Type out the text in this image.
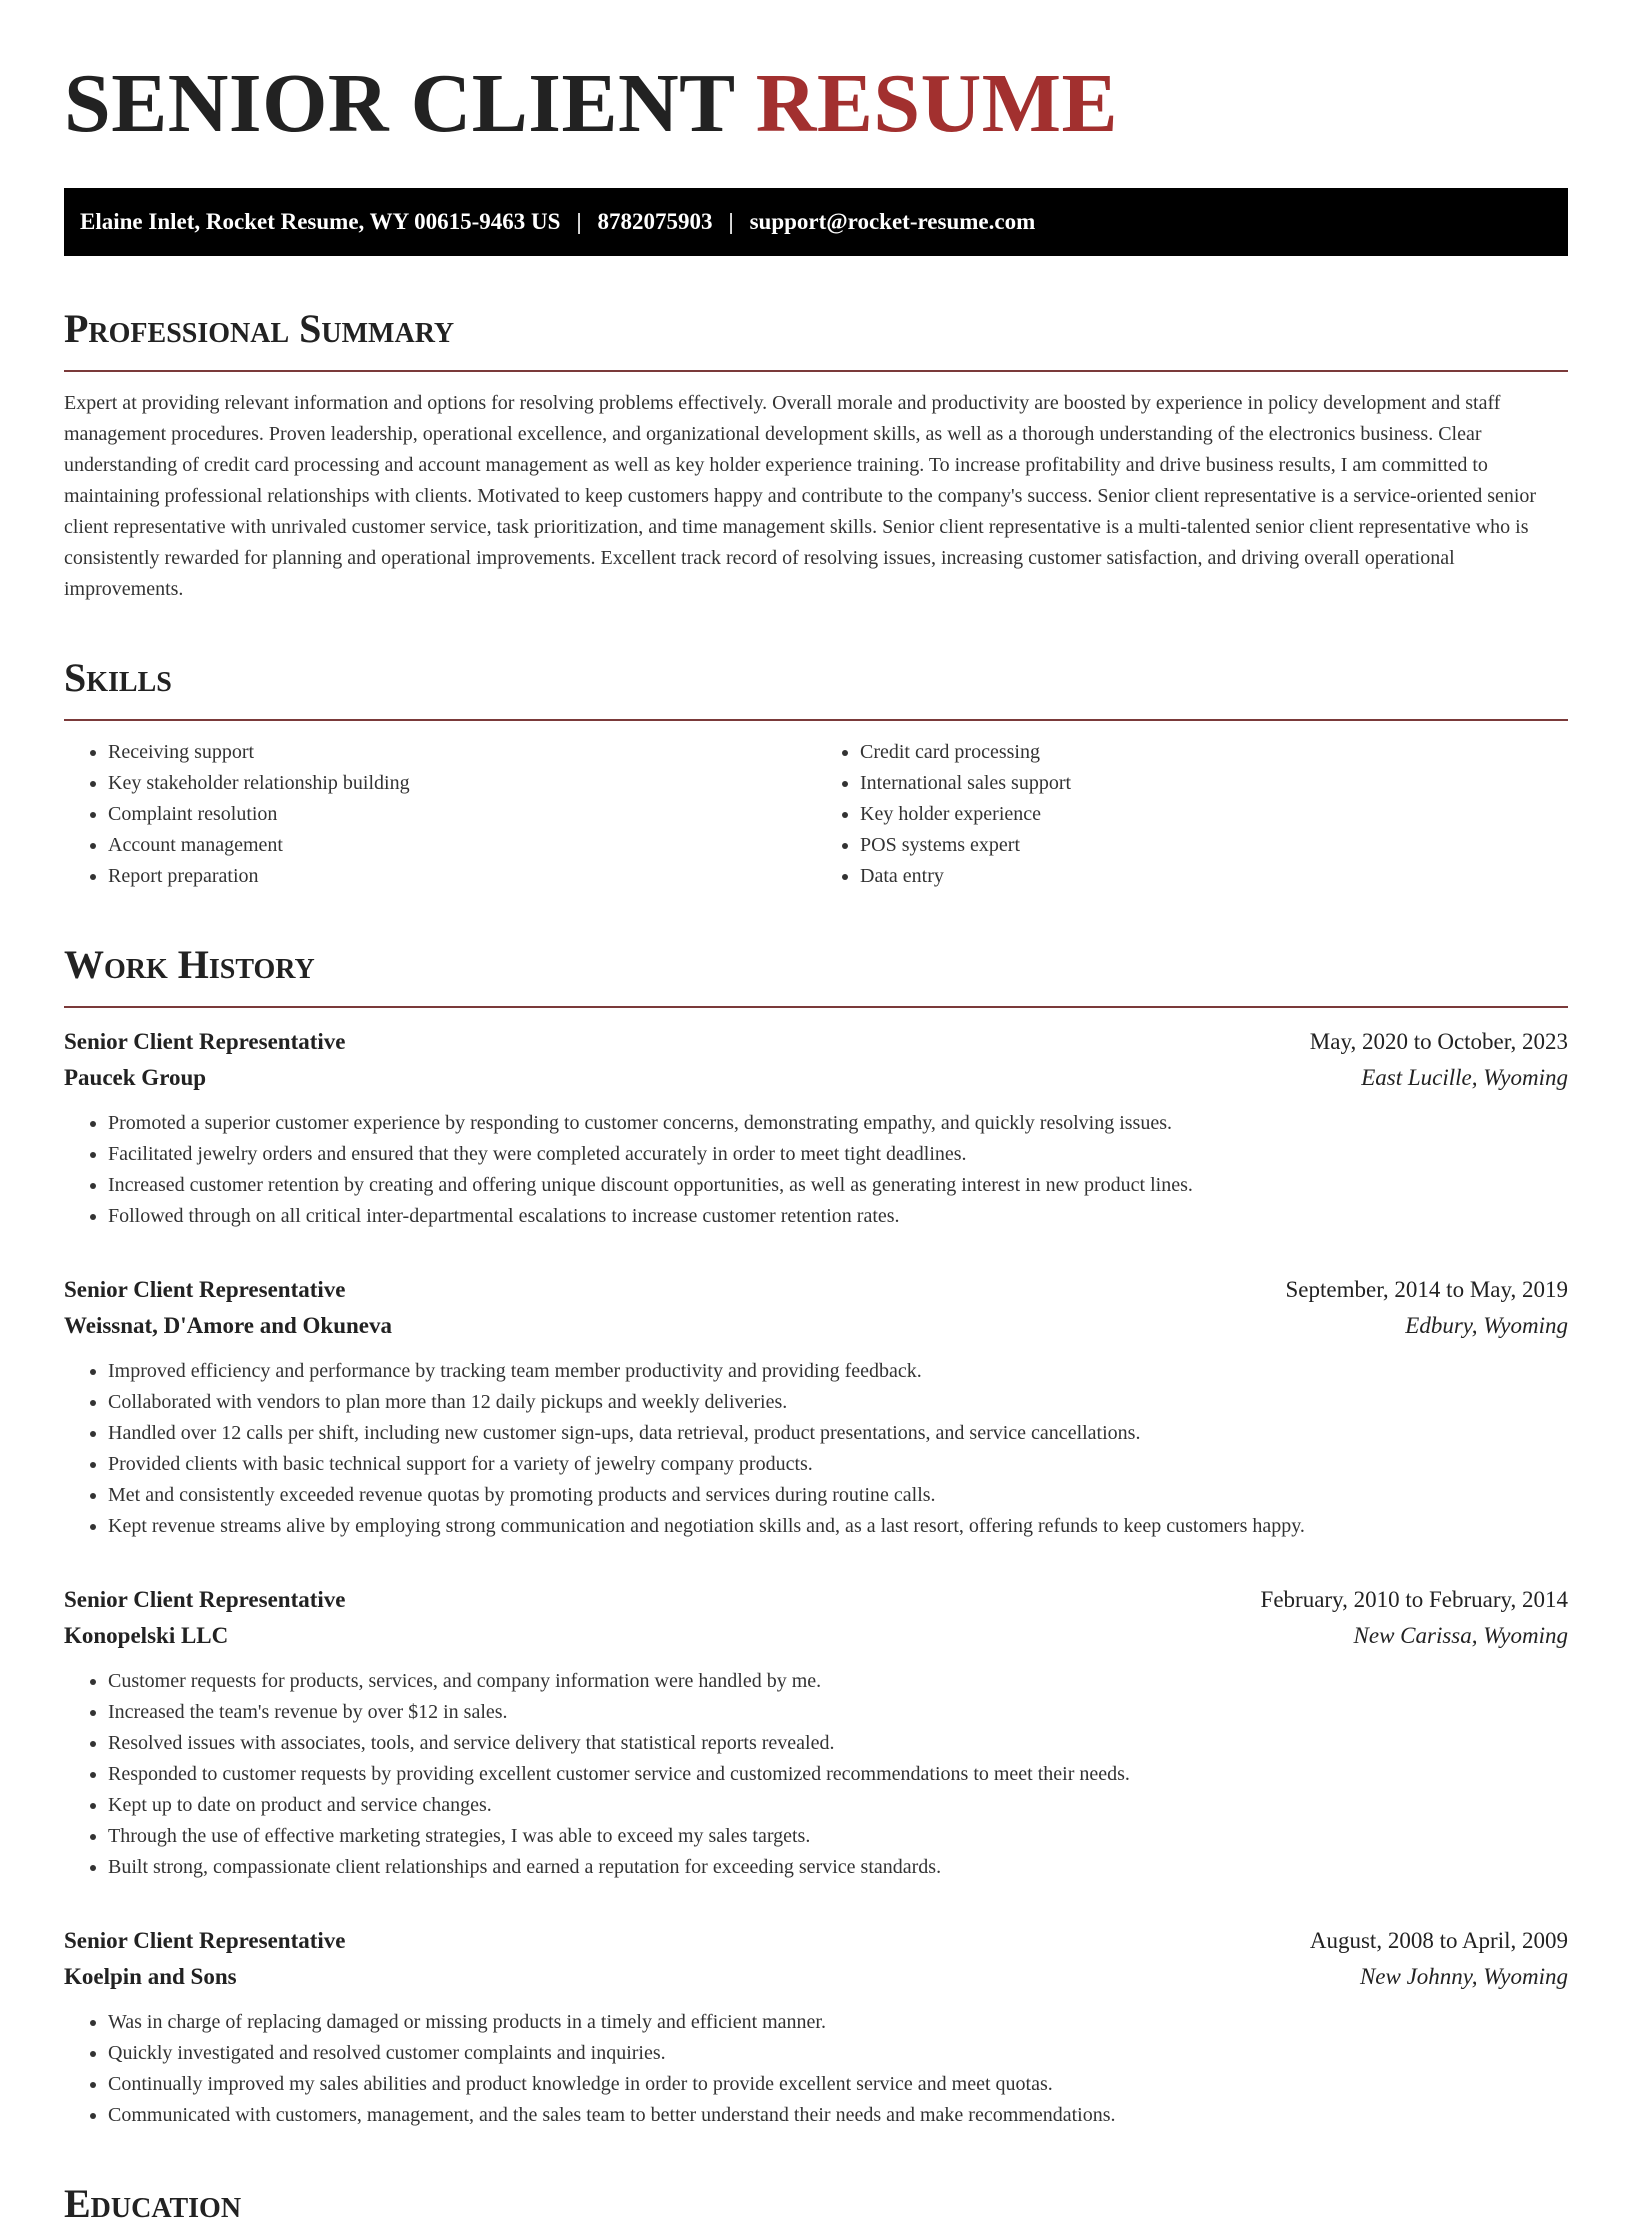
SENIOR CLIENT RESUME
Elaine Inlet, Rocket Resume, WY 00615-9463 US | 8782075903 | support@rocket-resume.com
Professional Summary

Expert at providing relevant information and options for resolving problems effectively. Overall morale and productivity are boosted by experience in policy development and staff management procedures. Proven leadership, operational excellence, and organizational development skills, as well as a thorough understanding of the electronics business. Clear understanding of credit card processing and account management as well as key holder experience training. To increase profitability and drive business results, I am committed to maintaining professional relationships with clients. Motivated to keep customers happy and contribute to the company's success. Senior client representative is a service-oriented senior client representative with unrivaled customer service, task prioritization, and time management skills. Senior client representative is a multi-talented senior client representative who is consistently rewarded for planning and operational improvements. Excellent track record of resolving issues, increasing customer satisfaction, and driving overall operational improvements.

Skills
• Receiving support
• Key stakeholder relationship building
• Complaint resolution
• Account management
• Report preparation
• Credit card processing
• International sales support
• Key holder experience
• POS systems expert
• Data entry
Work History
Senior Client Representative	May, 2020 to October, 2023
Paucek Group	East Lucille, Wyoming
• Promoted a superior customer experience by responding to customer concerns, demonstrating empathy, and quickly resolving issues.
• Facilitated jewelry orders and ensured that they were completed accurately in order to meet tight deadlines.
• Increased customer retention by creating and offering unique discount opportunities, as well as generating interest in new product lines.
• Followed through on all critical inter-departmental escalations to increase customer retention rates.
Senior Client Representative	September, 2014 to May, 2019
Weissnat, D'Amore and Okuneva	Edbury, Wyoming
• Improved efficiency and performance by tracking team member productivity and providing feedback.
• Collaborated with vendors to plan more than 12 daily pickups and weekly deliveries.
• Handled over 12 calls per shift, including new customer sign-ups, data retrieval, product presentations, and service cancellations.
• Provided clients with basic technical support for a variety of jewelry company products.
• Met and consistently exceeded revenue quotas by promoting products and services during routine calls.
• Kept revenue streams alive by employing strong communication and negotiation skills and, as a last resort, offering refunds to keep customers happy.
Senior Client Representative	February, 2010 to February, 2014
Konopelski LLC	New Carissa, Wyoming
• Customer requests for products, services, and company information were handled by me.
• Increased the team's revenue by over $12 in sales.
• Resolved issues with associates, tools, and service delivery that statistical reports revealed.
• Responded to customer requests by providing excellent customer service and customized recommendations to meet their needs.
• Kept up to date on product and service changes.
• Through the use of effective marketing strategies, I was able to exceed my sales targets.
• Built strong, compassionate client relationships and earned a reputation for exceeding service standards.
Senior Client Representative	August, 2008 to April, 2009
Koelpin and Sons	New Johnny, Wyoming
• Was in charge of replacing damaged or missing products in a timely and efficient manner.
• Quickly investigated and resolved customer complaints and inquiries.
• Continually improved my sales abilities and product knowledge in order to provide excellent service and meet quotas.
• Communicated with customers, management, and the sales team to better understand their needs and make recommendations.
Education
